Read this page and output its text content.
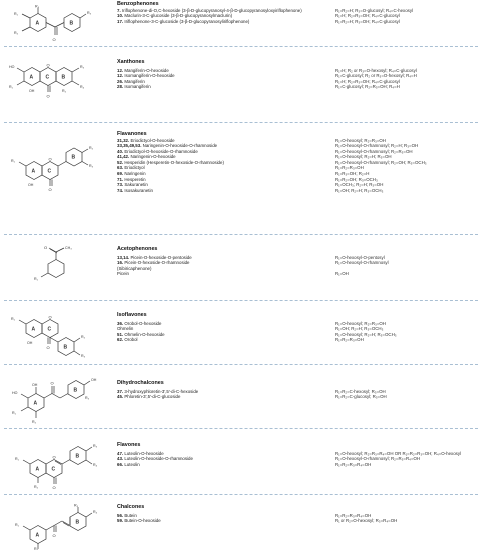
A	B
O
R₁
R₂
R₄
R₃
Benzophenones
7. Iriflophenone-di-O,C-hexoside (3-β-D-glucopyranosyl-4-β-D-glucopyranosyloxyiriflophenone)	R₁=R₂=H; R₃=O-glucosyl; R₄=C-hexosyl
10. Maclurin-3-C-glucoside (3-β-D-glucopyranosylmaclurin)	R₁=H; R₂=R₃=OH; R₄=C-glucosyl
17. Iriflophenone-3-C-glucoside (3-β-D-glucopyranosyliriflophenone)	R₁=R₂=H; R₃=OH; R₄=C-glucosyl
A C B
O
O
HO
R₁
R₃
R₄
OH	R₂
Xanthones
12. Mangiferin-O-hexoside	R₁=H; R₂ or R₃=O-hexosyl; R₄=C-glucosyl
12. Isomangiferin-O-hexoside	R₁=C-glucosyl; R₂ or R₃=O-hexosyl; R₄=H
26. Mangiferin	R₁=H; R₂=R₃=OH; R₄=C-glucosyl
28. Isomangiferin	R₁=C-glucosyl; R₂=R₃=OH; R₄=H
A C
B
O
O
R₁
OH
R₂
R₃
Flavanones
31,32. Eriodictyol-O-hexoside	R₁=O-hexosyl; R₂=R₃=OH
33,35,49,53. Naringenin-O-hexoside-O-rhamnoside	R₁=O-hexosyl-O-rhamnosyl; R₂=H; R₃=OH
40. Eriodictyol-O-hexoside-O-rhamnoside	R₁=O-hexosyl-O-rhamnosyl; R₂=R₃=OH
41,42. Naringenin-O-hexoside	R₁=O-hexosyl; R₂=H; R₃=OH
52. Hesperidin (Hesperetin-O-hexoside-O-rhamnoside)	R₁=O-hexosyl-O-rhamnosyl; R₂=OH; R₃=OCH₃
63. Eriodictyol	R₁=R₂=R₃=OH
69. Naringenin	R₁=R₃=OH; R₂=H
71. Hesperetin	R₁=R₂=OH; R₃=OCH₃
73. Sakuranetin	R₁=OCH₃; R₂=H; R₃=OH
74. Isosakuranetin	R₁=OH; R₂=H; R₃=OCH₃
O	CH₃
R₁
Acetophenones
13,14. Picein-O-hexoside-O-pentoside	R₁=O-hexosyl-O-pentosyl
16. Picein-O-hexoside-O-rhamnoside	R₁=O-hexosyl-O-rhamnosyl
(Sibiricaphenone)
Picein	R₁=OH
A C
B
O
O
R₁
OH
R₂
R₃
Isoflavones
36. Orobol-O-hexoside	R₁=O-hexosyl; R₂=R₃=OH
Ohmelin	R₁=OH; R₂=H; R₃=OCH₃
51. Ohmelin-O-hexoside	R₁=O-hexosyl; R₂=H; R₃=OCH₃
62. Orobol	R₁=R₂=R₃=OH
A
B
O
HO
R₁
R₂
OH
OH
R₃
Dihydrochalcones
37. 3-hydroxyphloretin-3′,5′-di-C-hexoside	R₁=R₂=C-hexosyl; R₃=OH
45. Phloretin-3′,5′-di-C-glucoside	R₁=R₂=C-glucosyl; R₃=OH
A C
B
O
O
R₁
R₂
R₃
R₄
Flavones
47. Luteolin-O-hexoside	R₁=O-hexosyl; R₂=R₃=R₄=OH OR R₁=R₂=R₃=OH; R₄=O-hexosyl
43. Luteolin-O-hexoside-O-rhamnoside	R₁=O-hexosyl-O-rhamnosyl; R₂=R₃=R₄=OH
66. Luteolin	R₁=R₂=R₃=R₄=OH
A
B
O
R₁
R₂
R₃
R₄
Chalcones
56. Butein	R₁=R₂=R₃=R₄=OH
59. Butein-O-hexoside	R₁ or R₂=O-hexosyl; R₃=R₄=OH
